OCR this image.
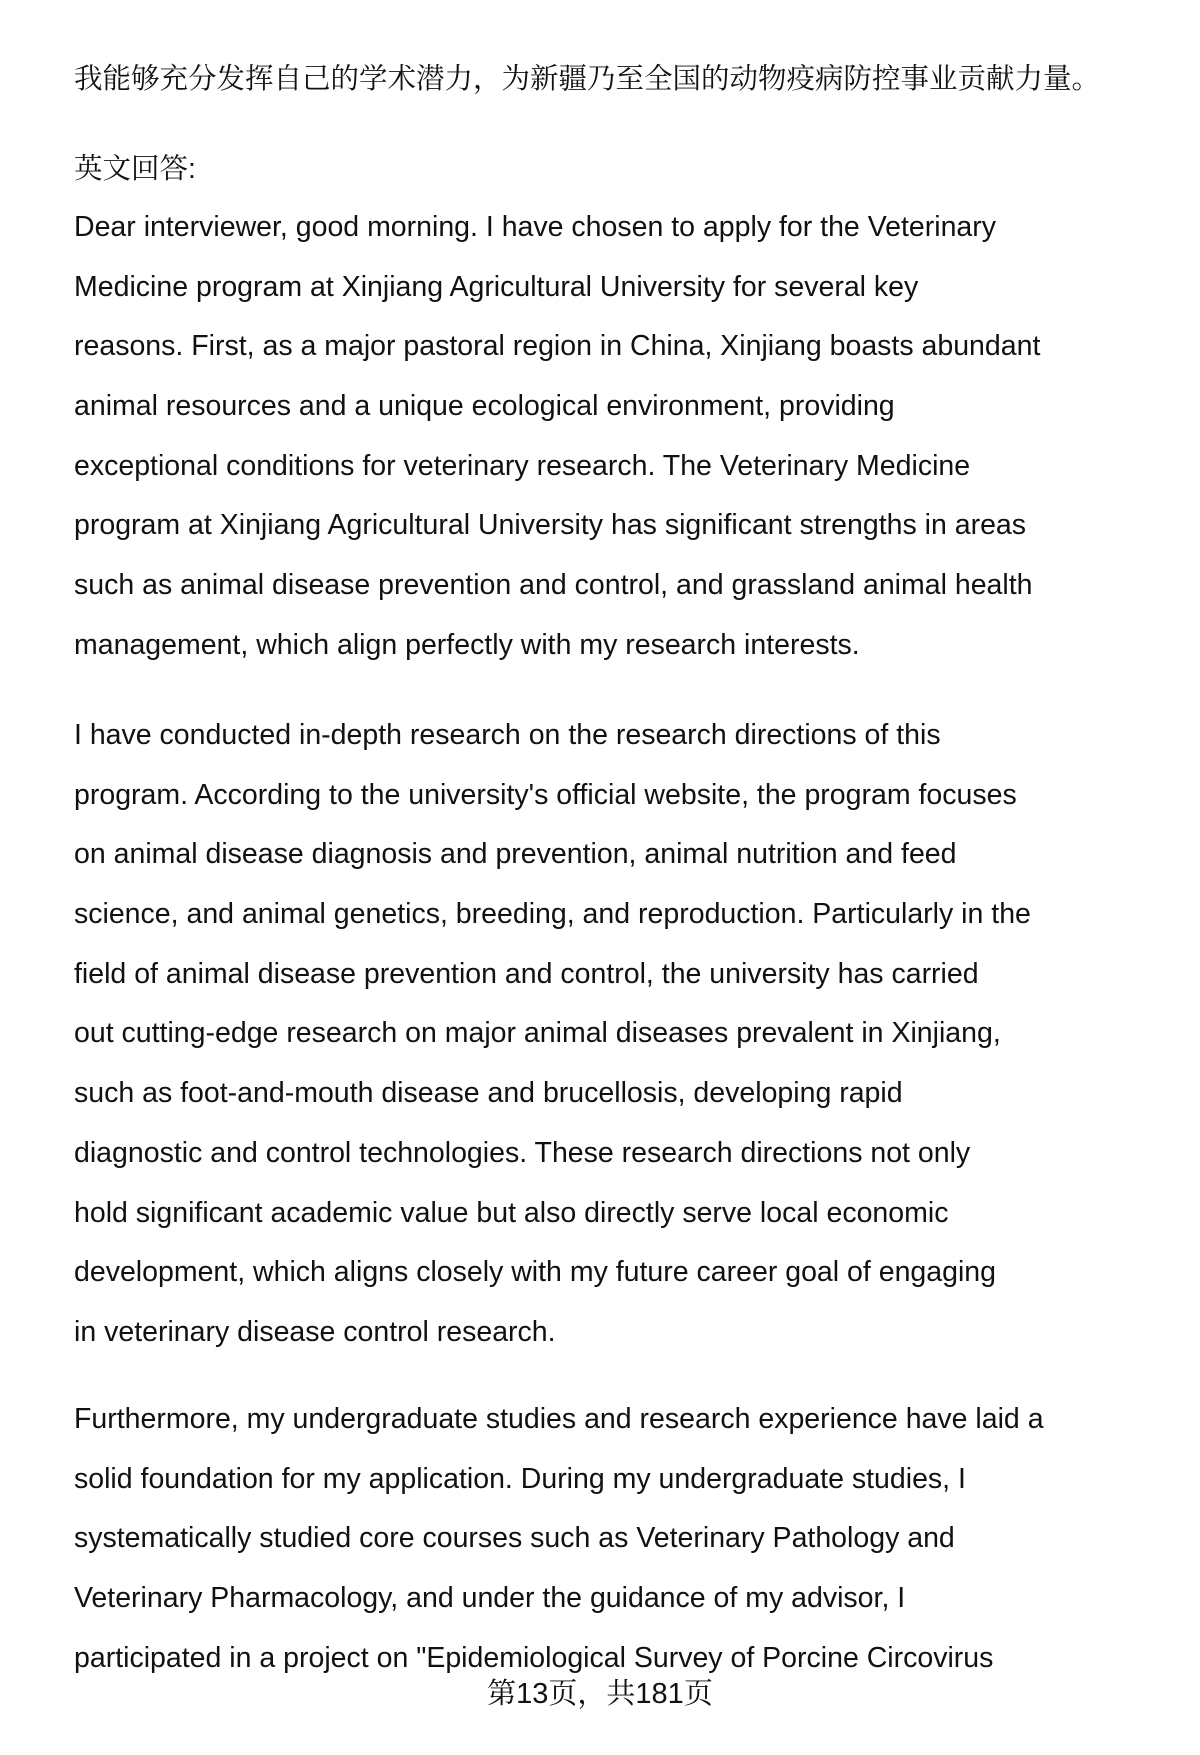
我能够充分发挥自己的学术潜力，为新疆乃至全国的动物疫病防控事业贡献力量。
英文回答:
Dear interviewer, good morning. I have chosen to apply for the Veterinary
Medicine program at Xinjiang Agricultural University for several key
reasons. First, as a major pastoral region in China, Xinjiang boasts abundant
animal resources and a unique ecological environment, providing
exceptional conditions for veterinary research. The Veterinary Medicine
program at Xinjiang Agricultural University has significant strengths in areas
such as animal disease prevention and control, and grassland animal health
management, which align perfectly with my research interests.
I have conducted in-depth research on the research directions of this
program. According to the university's official website, the program focuses
on animal disease diagnosis and prevention, animal nutrition and feed
science, and animal genetics, breeding, and reproduction. Particularly in the
field of animal disease prevention and control, the university has carried
out cutting-edge research on major animal diseases prevalent in Xinjiang,
such as foot-and-mouth disease and brucellosis, developing rapid
diagnostic and control technologies. These research directions not only
hold significant academic value but also directly serve local economic
development, which aligns closely with my future career goal of engaging
in veterinary disease control research.
Furthermore, my undergraduate studies and research experience have laid a
solid foundation for my application. During my undergraduate studies, I
systematically studied core courses such as Veterinary Pathology and
Veterinary Pharmacology, and under the guidance of my advisor, I
participated in a project on "Epidemiological Survey of Porcine Circovirus
第13页，共181页
